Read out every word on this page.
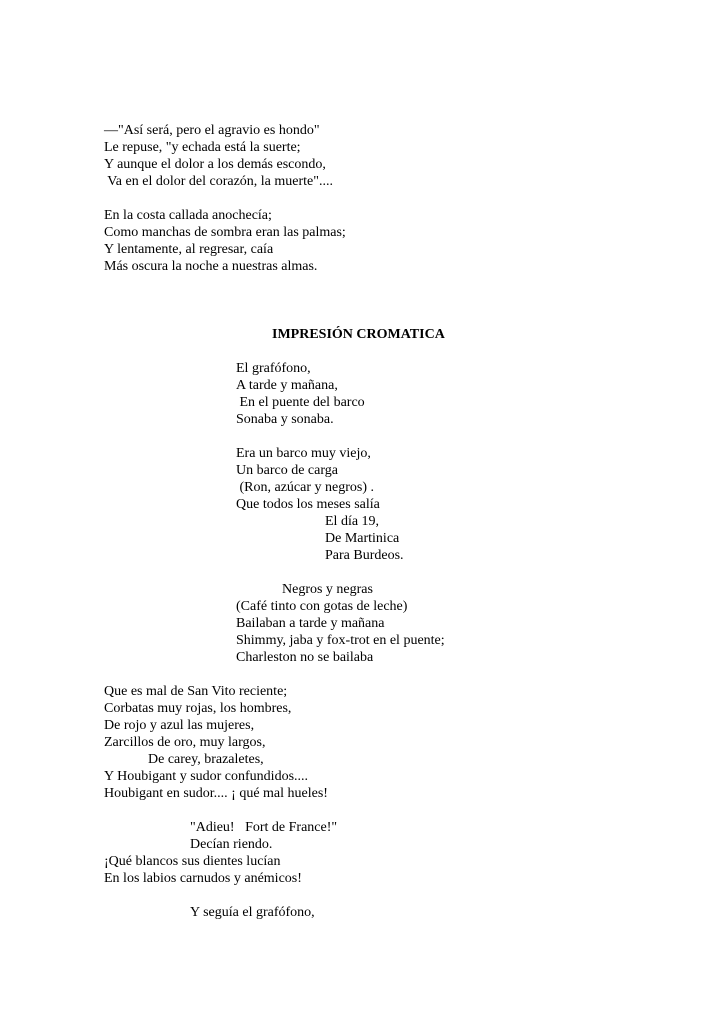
—"Así será, pero el agravio es hondo"
Le repuse, "y echada está la suerte;
Y aunque el dolor a los demás escondo,
Va en el dolor del corazón, la muerte"....
En la costa callada anochecía;
Como manchas de sombra eran las palmas;
Y lentamente, al regresar, caía
Más oscura la noche a nuestras almas.
IMPRESIÓN CROMATICA
El grafófono,
A tarde y mañana,
En el puente del barco
Sonaba y sonaba.
Era un barco muy viejo,
Un barco de carga
(Ron, azúcar y negros) .
Que todos los meses salía
El día 19,
De Martinica
Para Burdeos.
Negros y negras
(Café tinto con gotas de leche)
Bailaban a tarde y mañana
Shimmy, jaba y fox-trot en el puente;
Charleston no se bailaba
Que es mal de San Vito reciente;
Corbatas muy rojas, los hombres,
De rojo y azul las mujeres,
Zarcillos de oro, muy largos,
De carey, brazaletes,
Y Houbigant y sudor confundidos....
Houbigant en sudor.... ¡ qué mal hueles!
"Adieu!   Fort de France!"
Decían riendo.
¡Qué blancos sus dientes lucían
En los labios carnudos y anémicos!
Y seguía el grafófono,
